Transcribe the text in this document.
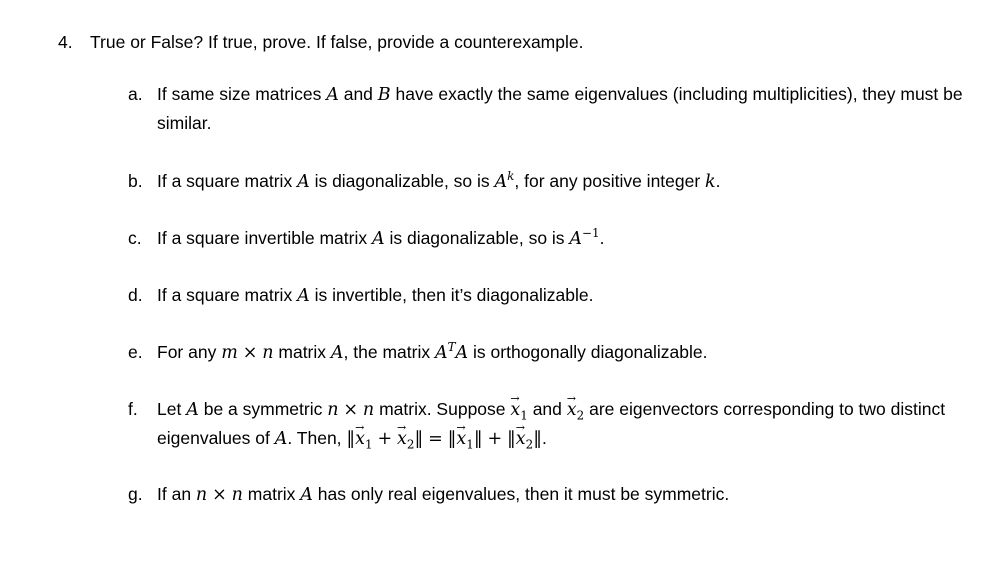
4. True or False? If true, prove. If false, provide a counterexample.
a. If same size matrices A and B have exactly the same eigenvalues (including multiplicities), they must be similar.
b. If a square matrix A is diagonalizable, so is $A^k$, for any positive integer k.
c. If a square invertible matrix A is diagonalizable, so is $A^{-1}$.
d. If a square matrix A is invertible, then it’s diagonalizable.
e. For any m × n matrix A, the matrix $A^TA$ is orthogonally diagonalizable.
f.	Let A be a symmetric n × n matrix. Suppose → $x_1$ and → $x_2$ are eigenvectors corresponding to two distinct eigenvalues of A. Then, ‖→ $x_1$ + → $x_2‖$ = ‖→ $x_1‖$ + ‖→ $x_2‖$.
g. If an n × n matrix A has only real eigenvalues, then it must be symmetric.
